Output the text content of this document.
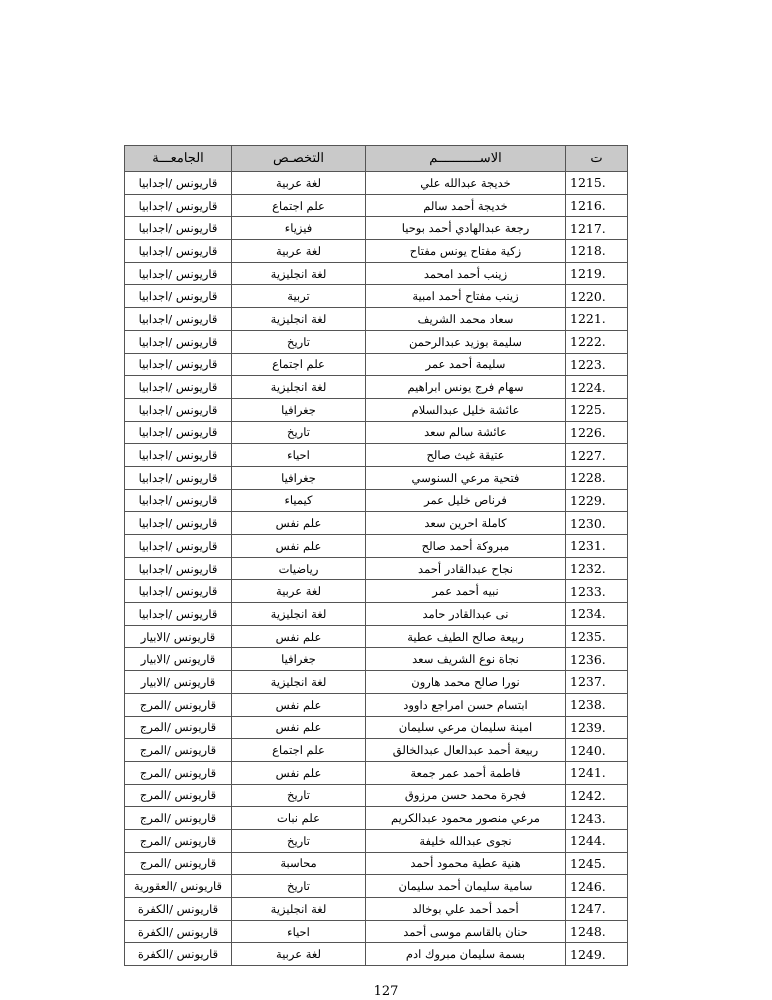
ت	الاســـــــــــم	التخصـص	الجامعـــة
1215.	خديجة عبدالله علي	لغة عربية	قاريونس /اجدابيا
1216.	خديجة أحمد سالم	علم اجتماع	قاريونس /اجدابيا
1217.	رجعة عبدالهادي أحمد بوحيا	فيزياء	قاريونس /اجدابيا
1218.	زكية مفتاح يونس مفتاح	لغة عربية	قاريونس /اجدابيا
1219.	زينب أحمد امحمد	لغة انجليزية	قاريونس /اجدابيا
1220.	زينب مفتاح أحمد امبية	تربية	قاريونس /اجدابيا
1221.	سعاد محمد الشريف	لغة انجليزية	قاريونس /اجدابيا
1222.	سليمة بوزيد عبدالرحمن	تاريخ	قاريونس /اجدابيا
1223.	سليمة أحمد عمر	علم اجتماع	قاريونس /اجدابيا
1224.	سهام فرج يونس ابراهيم	لغة انجليزية	قاريونس /اجدابيا
1225.	عائشة خليل عبدالسلام	جغرافيا	قاريونس /اجدابيا
1226.	عائشة سالم سعد	تاريخ	قاريونس /اجدابيا
1227.	عتيقة غيث صالح	احياء	قاريونس /اجدابيا
1228.	فتحية مرعي السنوسي	جغرافيا	قاريونس /اجدابيا
1229.	فرناص خليل عمر	كيمياء	قاريونس /اجدابيا
1230.	كاملة احرين سعد	علم نفس	قاريونس /اجدابيا
1231.	مبروكة أحمد صالح	علم نفس	قاريونس /اجدابيا
1232.	نجاح عبدالقادر أحمد	رياضيات	قاريونس /اجدابيا
1233.	نبيه أحمد عمر	لغة عربية	قاريونس /اجدابيا
1234.	نى عبدالقادر حامد	لغة انجليزية	قاريونس /اجدابيا
1235.	ربيعة صالح الطيف عطية	علم نفس	قاريونس /الابيار
1236.	نجاة نوع الشريف سعد	جغرافيا	قاريونس /الابيار
1237.	نورا صالح محمد هارون	لغة انجليزية	قاريونس /الابيار
1238.	ابتسام حسن امراجع داوود	علم نفس	قاريونس /المرج
1239.	امينة سليمان مرعي سليمان	علم نفس	قاريونس /المرج
1240.	ربيعة أحمد عبدالعال عبدالخالق	علم اجتماع	قاريونس /المرج
1241.	فاطمة أحمد عمر جمعة	علم نفس	قاريونس /المرج
1242.	فجرة محمد حسن مرزوق	تاريخ	قاريونس /المرج
1243.	مرعي منصور محمود عبدالكريم	علم نبات	قاريونس /المرج
1244.	نجوى عبدالله خليفة	تاريخ	قاريونس /المرج
1245.	هنية عطية محمود أحمد	محاسبة	قاريونس /المرج
1246.	سامية سليمان أحمد سليمان	تاريخ	قاريونس /العقورية
1247.	أحمد أحمد علي بوخالد	لغة انجليزية	قاريونس /الكفرة
1248.	حنان بالقاسم موسى أحمد	احياء	قاريونس /الكفرة
1249.	بسمة سليمان مبروك ادم	لغة عربية	قاريونس /الكفرة
127
